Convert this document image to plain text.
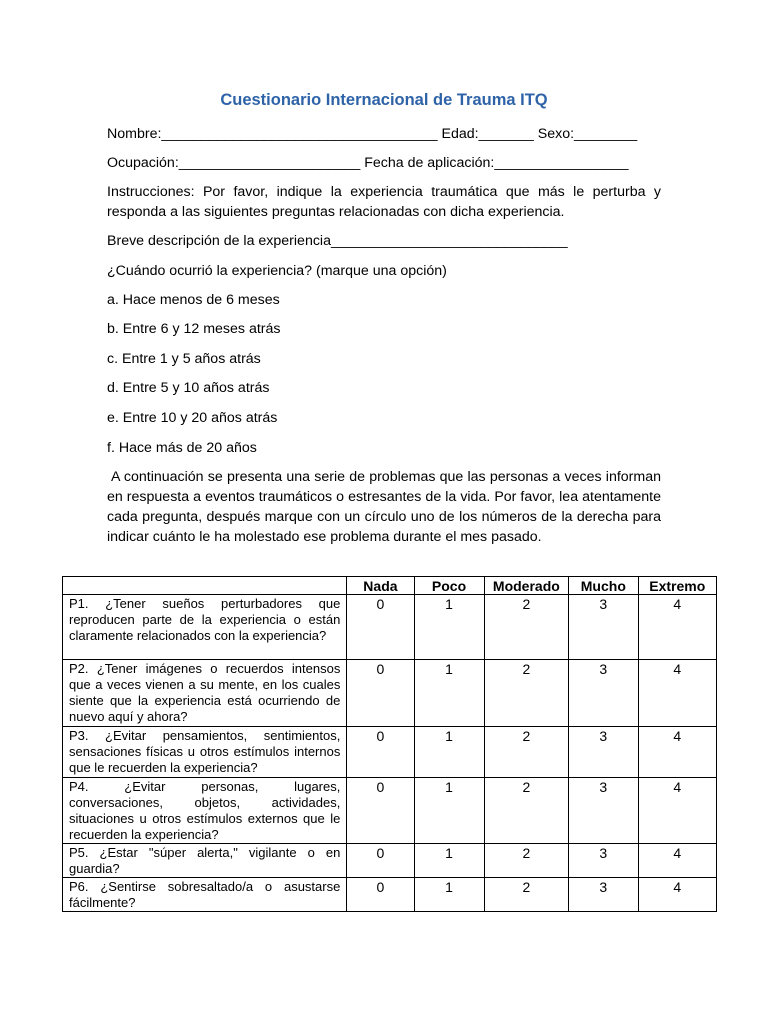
Cuestionario Internacional de Trauma ITQ
Nombre:___________________________________ Edad:_______ Sexo:________
Ocupación:_______________________ Fecha de aplicación:_________________
Instrucciones: Por favor, indique la experiencia traumática que más le perturba y responda a las siguientes preguntas relacionadas con dicha experiencia.
Breve descripción de la experiencia______________________________
¿Cuándo ocurrió la experiencia? (marque una opción)
a. Hace menos de 6 meses
b. Entre 6 y 12 meses atrás
c. Entre 1 y 5 años atrás
d. Entre 5 y 10 años atrás
e. Entre 10 y 20 años atrás
f. Hace más de 20 años
A continuación se presenta una serie de problemas que las personas a veces informan en respuesta a eventos traumáticos o estresantes de la vida. Por favor, lea atentamente cada pregunta, después marque con un círculo uno de los números de la derecha para indicar cuánto le ha molestado ese problema durante el mes pasado.
	Nada	Poco	Moderado	Mucho	Extremo
P1. ¿Tener sueños perturbadores que reproducen parte de la experiencia o están claramente relacionados con la experiencia?	0	1	2	3	4
P2. ¿Tener imágenes o recuerdos intensos que a veces vienen a su mente, en los cuales siente que la experiencia está ocurriendo de nuevo aquí y ahora?	0	1	2	3	4
P3. ¿Evitar pensamientos, sentimientos, sensaciones físicas u otros estímulos internos que le recuerden la experiencia?	0	1	2	3	4
P4. ¿Evitar personas, lugares, conversaciones, objetos, actividades, situaciones u otros estímulos externos que le recuerden la experiencia?	0	1	2	3	4
P5. ¿Estar "súper alerta," vigilante o en guardia?	0	1	2	3	4
P6. ¿Sentirse sobresaltado/a o asustarse fácilmente?	0	1	2	3	4
